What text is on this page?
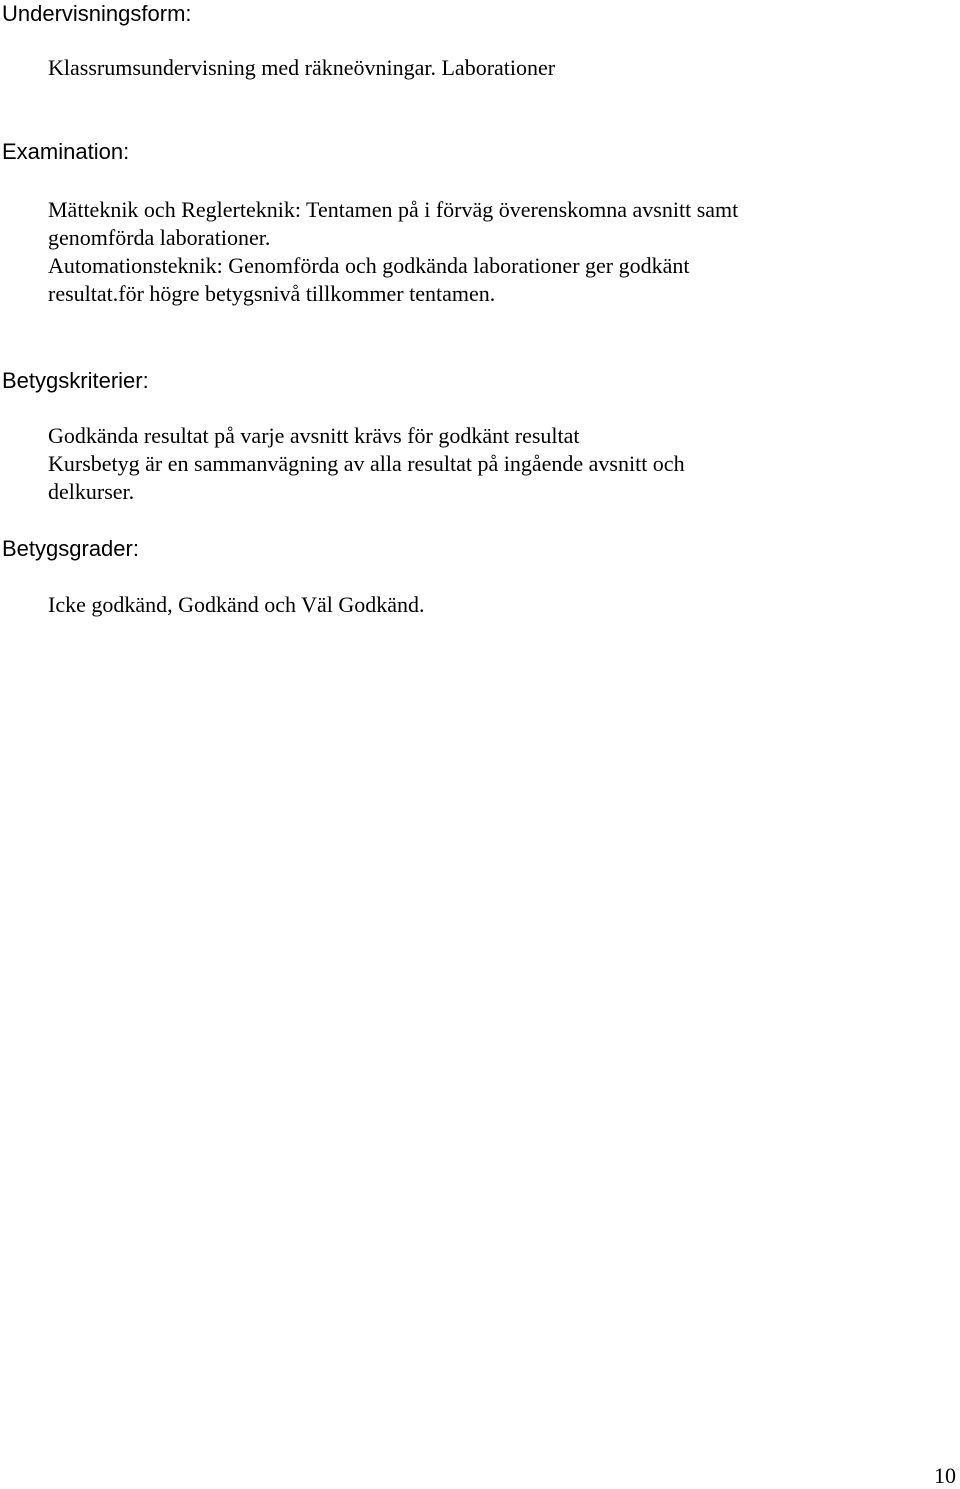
Undervisningsform:

Klassrumsundervisning med räkneövningar. Laborationer

Examination:

Mätteknik och Reglerteknik: Tentamen på i förväg överenskomna avsnitt samt

genomförda laborationer.

Automationsteknik: Genomförda och godkända laborationer ger godkänt

resultat.för högre betygsnivå tillkommer tentamen.

Betygskriterier:

Godkända resultat på varje avsnitt krävs för godkänt resultat

Kursbetyg är en sammanvägning av alla resultat på ingående avsnitt och

delkurser.

Betygsgrader:

Icke godkänd, Godkänd och Väl Godkänd.

10
